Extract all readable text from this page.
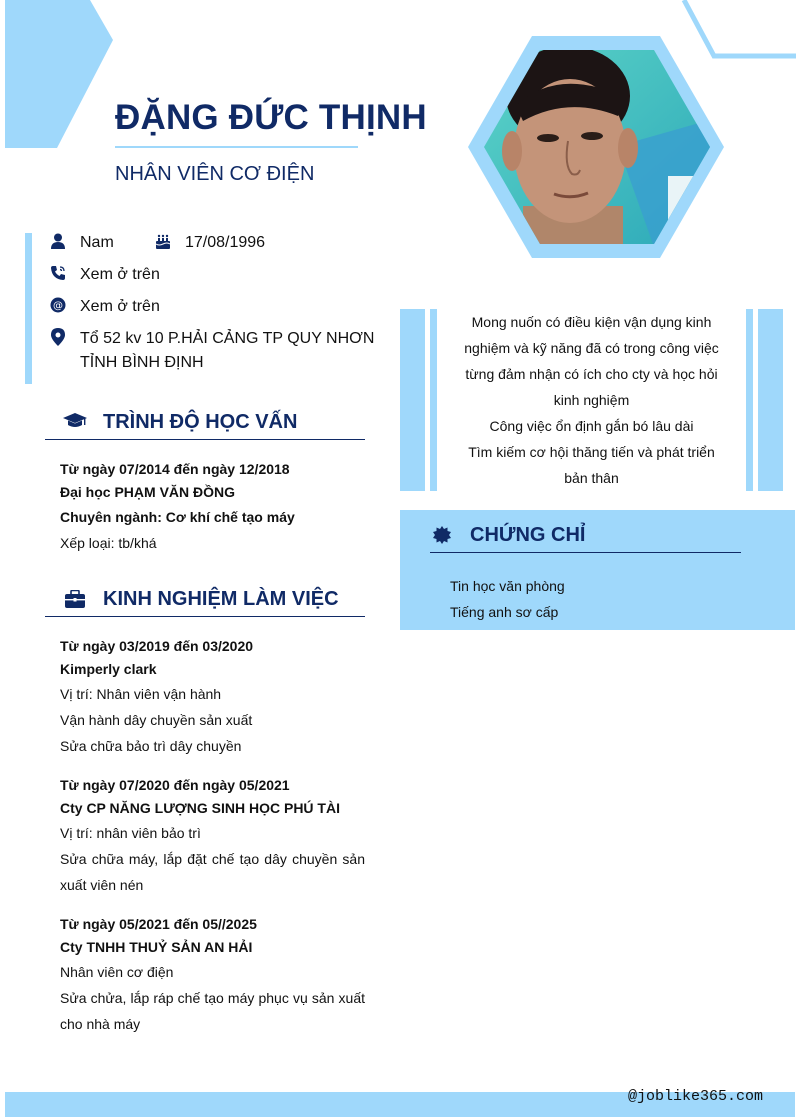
ĐẶNG ĐỨC THỊNH
NHÂN VIÊN CƠ ĐIỆN
Nam	17/08/1996
Xem ở trên
@ Xem ở trên
Tổ 52 kv 10 P.HẢI CẢNG TP QUY NHƠN TỈNH BÌNH ĐỊNH
TRÌNH ĐỘ HỌC VẤN
Từ ngày 07/2014 đến ngày 12/2018
Đại học PHẠM VĂN ĐỒNG
Chuyên ngành: Cơ khí chế tạo máy
Xếp loại: tb/khá
KINH NGHIỆM LÀM VIỆC
Từ ngày 03/2019 đến 03/2020
Kimperly clark
Vị trí: Nhân viên vận hành
Vận hành dây chuyền sản xuất
Sửa chữa bảo trì dây chuyền
Từ ngày 07/2020 đến ngày 05/2021
Cty CP NĂNG LƯỢNG SINH HỌC PHÚ TÀI
Vị trí: nhân viên bảo trì
Sửa chữa máy, lắp đặt chế tạo dây chuyền sản xuất viên nén
Từ ngày 05/2021 đến 05//2025
Cty TNHH THUỶ SẢN AN HẢI
Nhân viên cơ điện
Sửa chửa, lắp ráp chế tạo máy phục vụ sản xuất cho nhà máy
Mong nuốn có điều kiện vận dụng kinh nghiệm và kỹ năng đã có trong công việc từng đảm nhận có ích cho cty và học hỏi kinh nghiệm
Công việc ổn định gắn bó lâu dài
Tìm kiếm cơ hội thăng tiến và phát triển bản thân
CHỨNG CHỈ
Tin học văn phòng
Tiếng anh sơ cấp
@joblike365.com
